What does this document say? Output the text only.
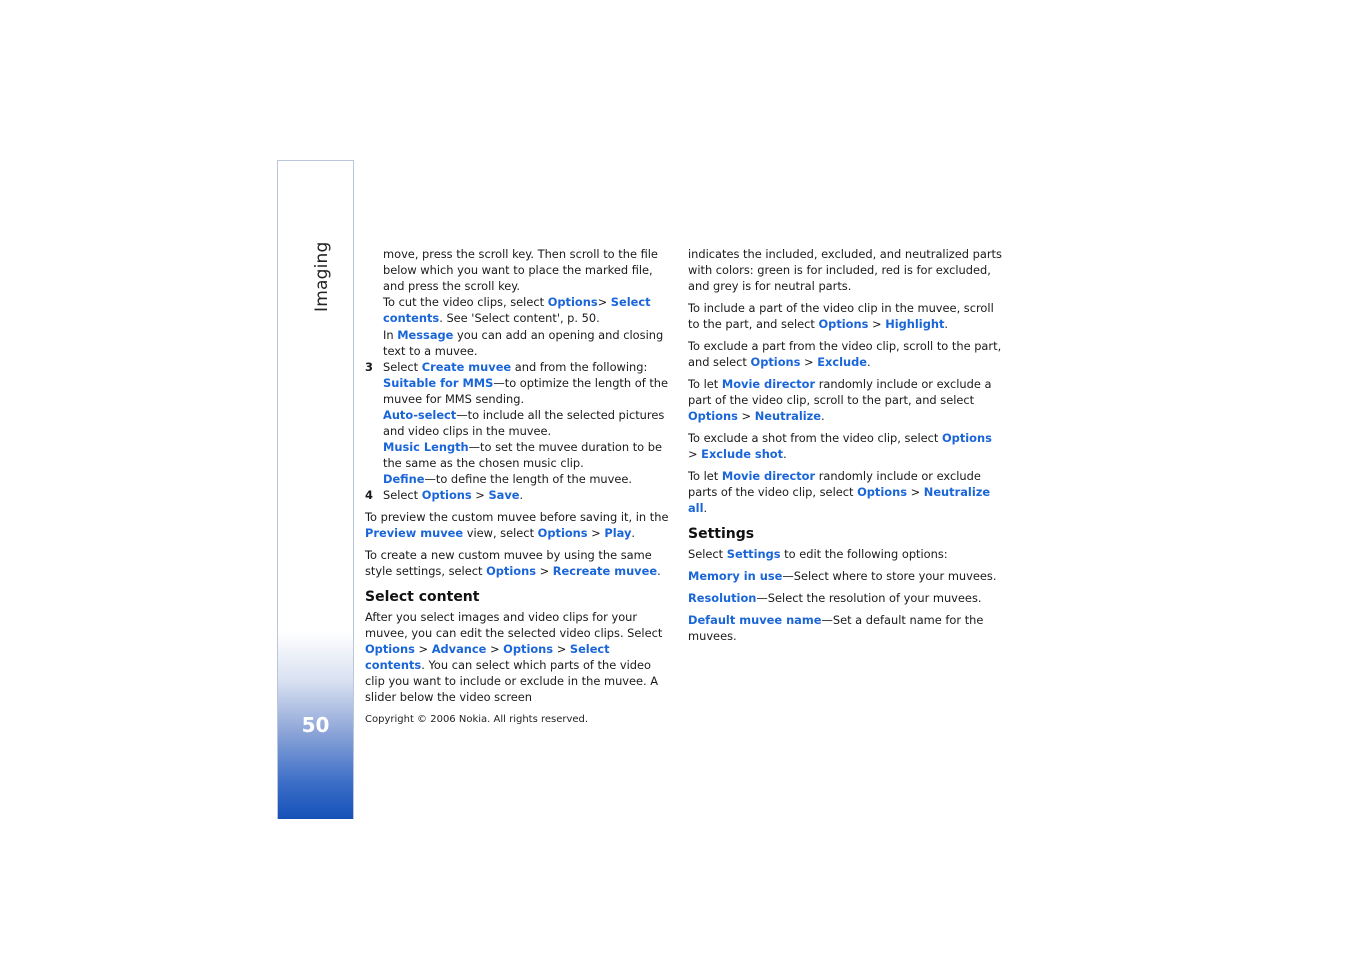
Imaging
50

move, press the scroll key. Then scroll to the file below which you want to place the marked file, and press the scroll key.

To cut the video clips, select Options> Select contents. See 'Select content', p. 50.

In Message you can add an opening and closing text to a muvee.

3 Select Create muvee and from the following:

Suitable for MMS—to optimize the length of the muvee for MMS sending.

Auto-select—to include all the selected pictures and video clips in the muvee.

Music Length—to set the muvee duration to be the same as the chosen music clip.

Define—to define the length of the muvee.

4 Select Options > Save.

To preview the custom muvee before saving it, in the Preview muvee view, select Options > Play.

To create a new custom muvee by using the same style settings, select Options > Recreate muvee.

Select content

After you select images and video clips for your muvee, you can edit the selected video clips. Select Options > Advance > Options > Select contents. You can select which parts of the video clip you want to include or exclude in the muvee. A slider below the video screen

indicates the included, excluded, and neutralized parts with colors: green is for included, red is for excluded, and grey is for neutral parts.

To include a part of the video clip in the muvee, scroll to the part, and select Options > Highlight.

To exclude a part from the video clip, scroll to the part, and select Options > Exclude.

To let Movie director randomly include or exclude a part of the video clip, scroll to the part, and select Options > Neutralize.

To exclude a shot from the video clip, select Options > Exclude shot.

To let Movie director randomly include or exclude parts of the video clip, select Options > Neutralize all.

Settings

Select Settings to edit the following options:

Memory in use—Select where to store your muvees.

Resolution—Select the resolution of your muvees.

Default muvee name—Set a default name for the muvees.

Copyright © 2006 Nokia. All rights reserved.
